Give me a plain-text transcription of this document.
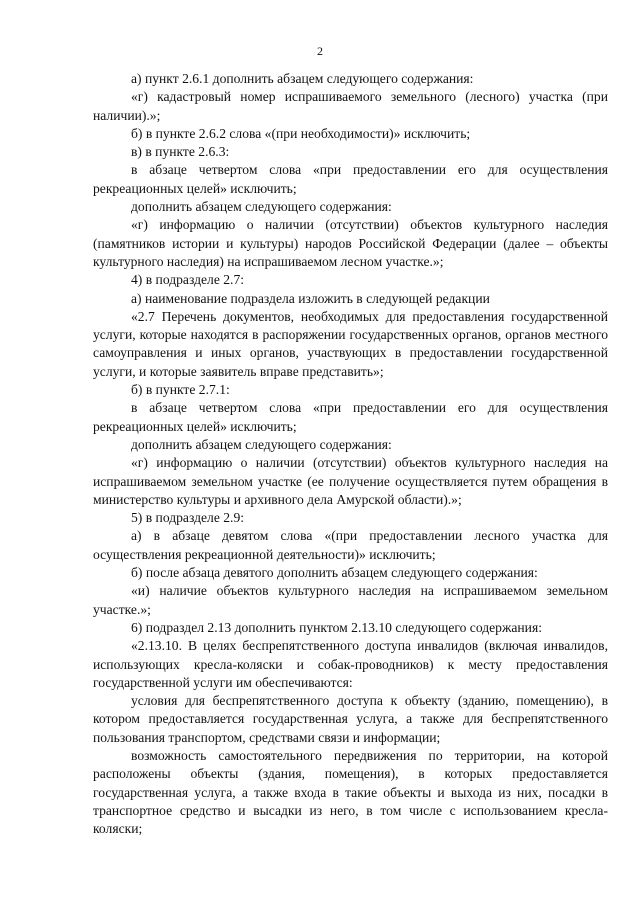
2

а) пункт 2.6.1 дополнить абзацем следующего содержания:

«г) кадастровый номер испрашиваемого земельного (лесного) участка (при наличии).»;

б) в пункте 2.6.2 слова «(при необходимости)» исключить;

в) в пункте 2.6.3:

в абзаце четвертом слова «при предоставлении его для осуществления рекреационных целей» исключить;

дополнить абзацем следующего содержания:

«г) информацию о наличии (отсутствии) объектов культурного наследия (памятников истории и культуры) народов Российской Федерации (далее – объекты культурного наследия) на испрашиваемом лесном участке.»;

4) в подразделе 2.7:

а) наименование подраздела изложить в следующей редакции

«2.7 Перечень документов, необходимых для предоставления государственной услуги, которые находятся в распоряжении государственных органов, органов местного самоуправления и иных органов, участвующих в предоставлении государственной услуги, и которые заявитель вправе представить»;

б) в пункте 2.7.1:

в абзаце четвертом слова «при предоставлении его для осуществления рекреационных целей» исключить;

дополнить абзацем следующего содержания:

«г) информацию о наличии (отсутствии) объектов культурного наследия на испрашиваемом земельном участке (ее получение осуществляется путем обращения в министерство культуры и архивного дела Амурской области).»;

5) в подразделе 2.9:

а) в абзаце девятом слова «(при предоставлении лесного участка для осуществления рекреационной деятельности)» исключить;

б) после абзаца девятого дополнить абзацем следующего содержания:

«и) наличие объектов культурного наследия на испрашиваемом земельном участке.»;

6) подраздел 2.13 дополнить пунктом 2.13.10 следующего содержания:

«2.13.10. В целях беспрепятственного доступа инвалидов (включая инвалидов, использующих кресла-коляски и собак-проводников) к месту предоставления государственной услуги им обеспечиваются:

условия для беспрепятственного доступа к объекту (зданию, помещению), в котором предоставляется государственная услуга, а также для беспрепятственного пользования транспортом, средствами связи и информации;

возможность самостоятельного передвижения по территории, на которой расположены объекты (здания, помещения), в которых предоставляется государственная услуга, а также входа в такие объекты и выхода из них, посадки в транспортное средство и высадки из него, в том числе с использованием кресла-коляски;
